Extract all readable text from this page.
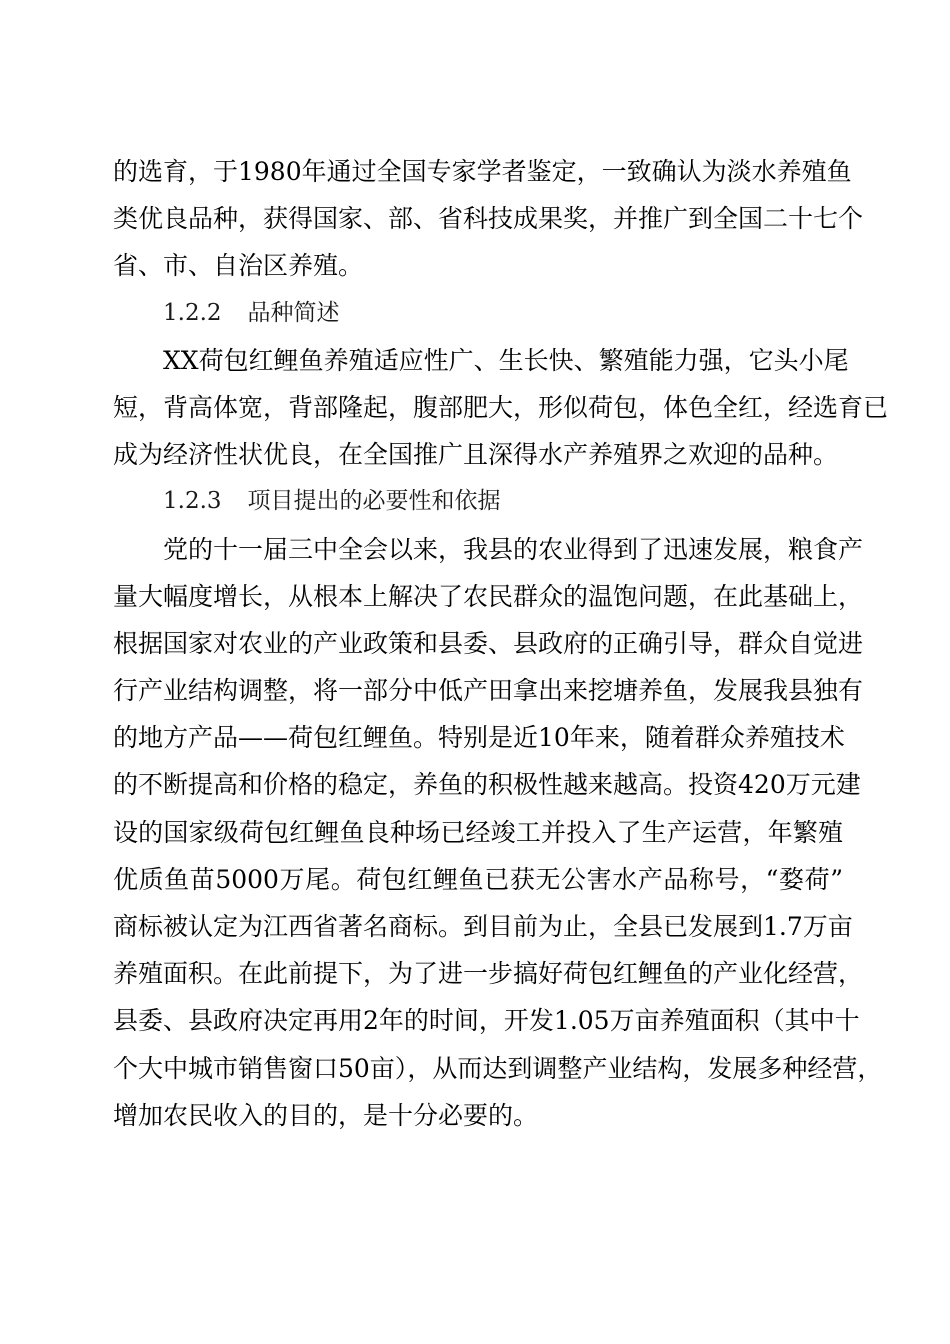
的选育，于1980年通过全国专家学者鉴定，一致确认为淡水养殖鱼
类优良品种，获得国家、部、省科技成果奖，并推广到全国二十七个
省、市、自治区养殖。
1.2.2 品种简述
XX荷包红鲤鱼养殖适应性广、生长快、繁殖能力强，它头小尾
短，背高体宽，背部隆起，腹部肥大，形似荷包，体色全红，经选育已
成为经济性状优良，在全国推广且深得水产养殖界之欢迎的品种。
1.2.3 项目提出的必要性和依据
党的十一届三中全会以来，我县的农业得到了迅速发展，粮食产
量大幅度增长，从根本上解决了农民群众的温饱问题，在此基础上，
根据国家对农业的产业政策和县委、县政府的正确引导，群众自觉进
行产业结构调整，将一部分中低产田拿出来挖塘养鱼，发展我县独有
的地方产品——荷包红鲤鱼。特别是近10年来，随着群众养殖技术
的不断提高和价格的稳定，养鱼的积极性越来越高。投资420万元建
设的国家级荷包红鲤鱼良种场已经竣工并投入了生产运营，年繁殖
优质鱼苗5000万尾。荷包红鲤鱼已获无公害水产品称号，“婺荷”
商标被认定为江西省著名商标。到目前为止，全县已发展到1.7万亩
养殖面积。在此前提下，为了进一步搞好荷包红鲤鱼的产业化经营，
县委、县政府决定再用2年的时间，开发1.05万亩养殖面积（其中十
个大中城市销售窗口50亩），从而达到调整产业结构，发展多种经营，
增加农民收入的目的，是十分必要的。
